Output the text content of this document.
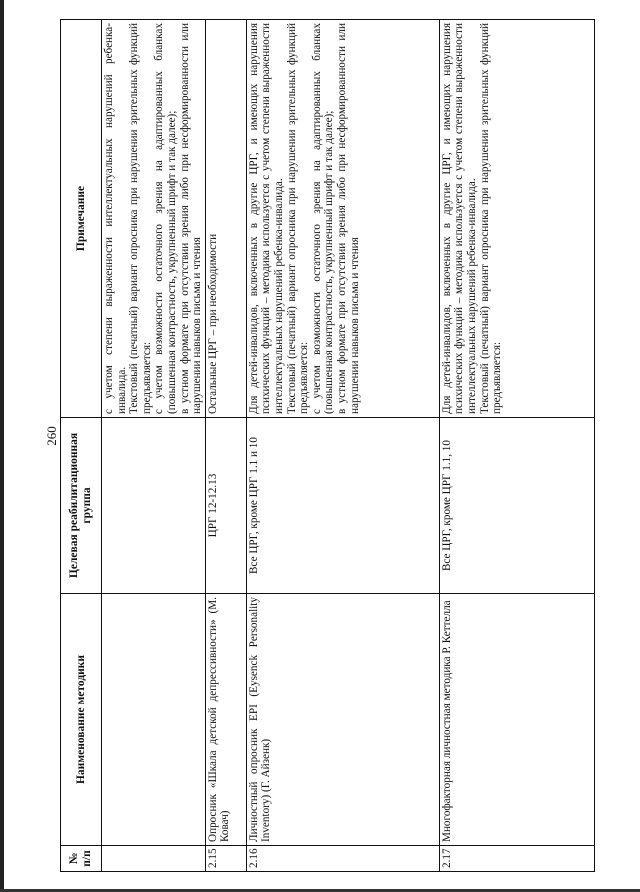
260
№ п/п	Наименование методики	Целевая реабилитационная группа	Примечание

			с учетом степени выраженности интеллектуальных нарушений ребенка-инвалида. Текстовый (печатный) вариант опросника при нарушении зрительных функций предъявляется: с учетом возможности остаточного зрения на адаптированных бланках (повышенная контрастность, укрупненный шрифт и так далее); в устном формате при отсутствии зрения либо при несформированности или нарушении навыков письма и чтения

2.15	Опросник «Шкала детской депрессивности» (М. Ковач)	ЦРГ 12-12.13	Остальные ЦРГ – при необходимости

2.16	Личностный опросник EPI (Eysenck Personality Inventory) (Г. Айзенк)	Все ЦРГ, кроме ЦРГ 1.1 и 10	Для детей-инвалидов, включенных в другие ЦРГ, и имеющих нарушения психических функций – методика используется с учетом степени выраженности интеллектуальных нарушений ребенка-инвалида. Текстовый (печатный) вариант опросника при нарушении зрительных функций предъявляется: с учетом возможности остаточного зрения на адаптированных бланках (повышенная контрастность, укрупненный шрифт и так далее); в устном формате при отсутствии зрения либо при несформированности или нарушении навыков письма и чтения

2.17	Многофакторная личностная методика Р. Кеттелла	Все ЦРГ, кроме ЦРГ 1.1, 10	Для детей-инвалидов, включенных в другие ЦРГ, и имеющих нарушения психических функций – методика используется с учетом степени выраженности интеллектуальных нарушений ребенка-инвалида. Текстовый (печатный) вариант опросника при нарушении зрительных функций предъявляется:
